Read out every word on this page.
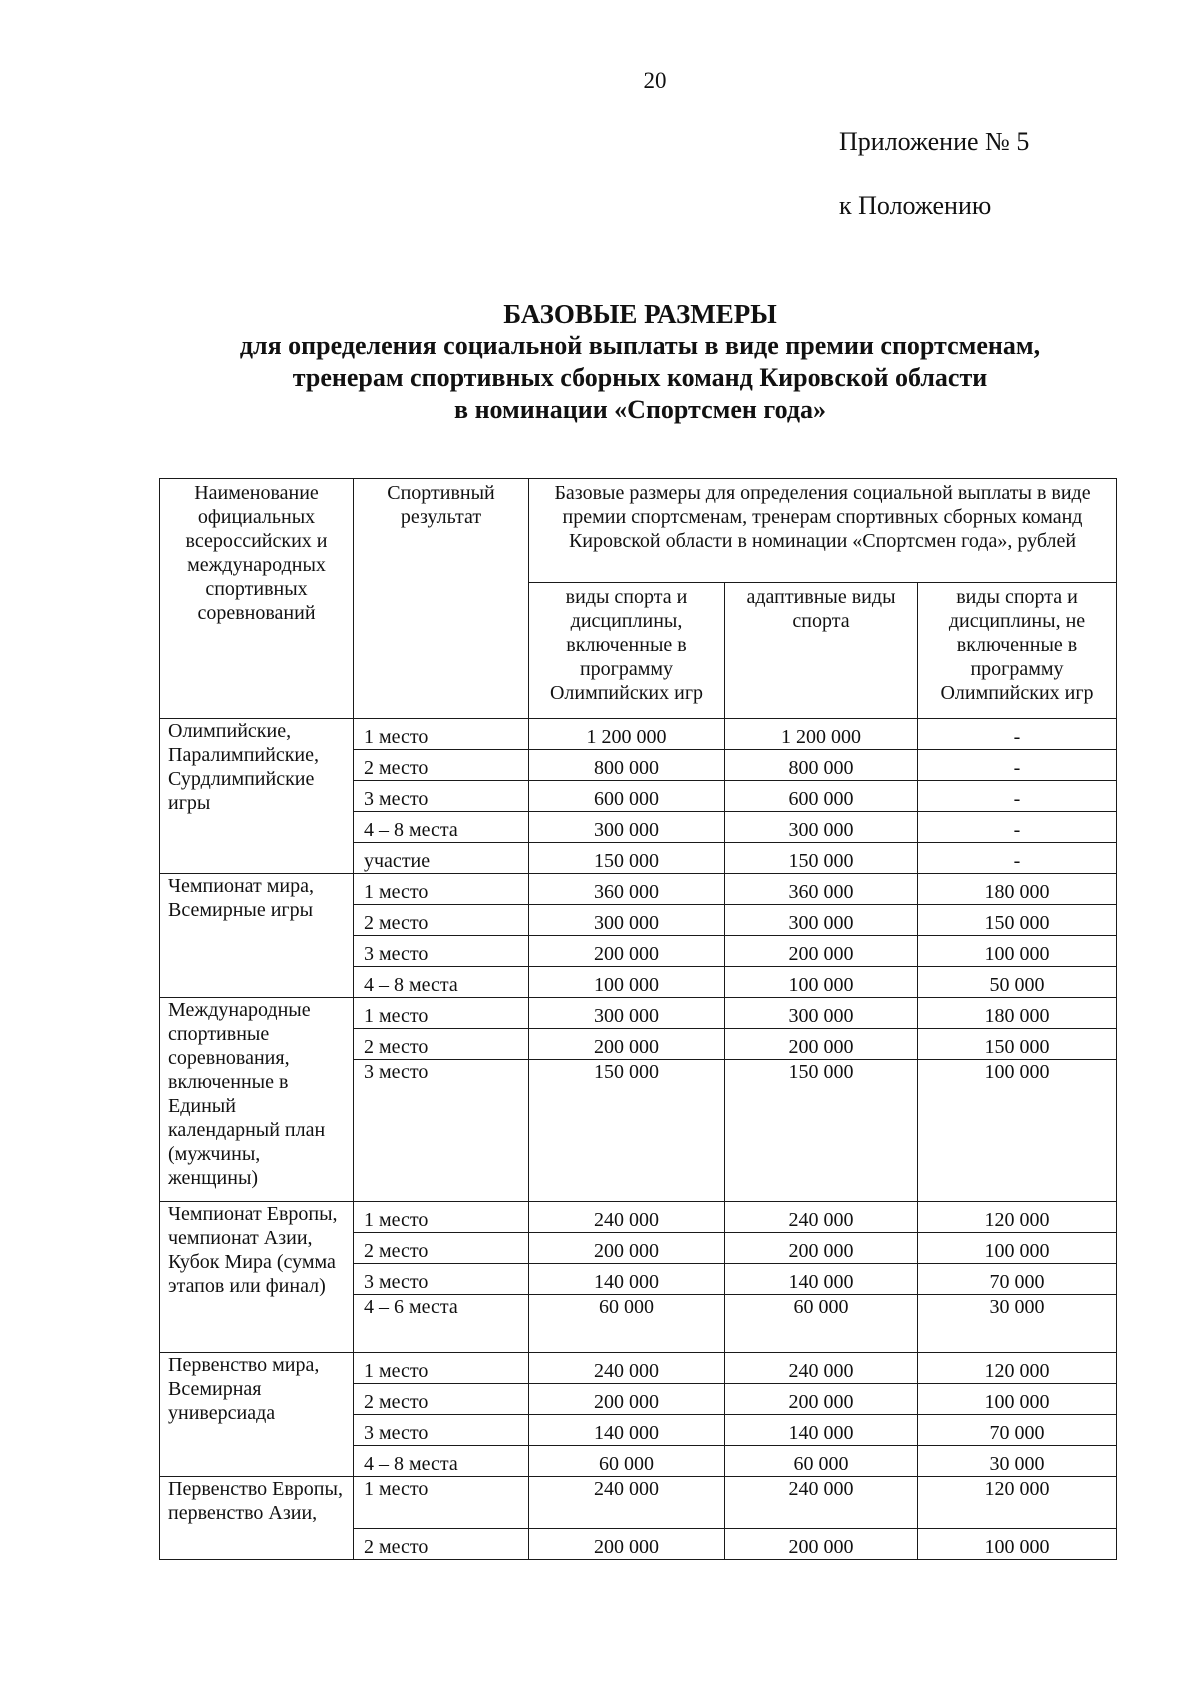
20
Приложение № 5
к Положению
БАЗОВЫЕ РАЗМЕРЫ
для определения социальной выплаты в виде премии спортсменам,
тренерам спортивных сборных команд Кировской области
в номинации «Спортсмен года»
Наименование официальных всероссийских и международных спортивных соревнований	Спортивный результат	Базовые размеры для определения социальной выплаты в виде премии спортсменам, тренерам спортивных сборных команд Кировской области в номинации «Спортсмен года», рублей		
		виды спорта и дисциплины, включенные в программу Олимпийских игр	адаптивные виды спорта	виды спорта и дисциплины, не включенные в программу Олимпийских игр
Олимпийские, Паралимпийские, Сурдлимпийские игры	1 место	1 200 000	1 200 000	-
	2 место	800 000	800 000	-
	3 место	600 000	600 000	-
	4 – 8 места	300 000	300 000	-
	участие	150 000	150 000	-
Чемпионат мира, Всемирные игры	1 место	360 000	360 000	180 000
	2 место	300 000	300 000	150 000
	3 место	200 000	200 000	100 000
	4 – 8 места	100 000	100 000	50 000
Международные спортивные соревнования, включенные в Единый календарный план (мужчины, женщины)	1 место	300 000	300 000	180 000
	2 место	200 000	200 000	150 000
	3 место	150 000	150 000	100 000
Чемпионат Европы, чемпионат Азии, Кубок Мира (сумма этапов или финал)	1 место	240 000	240 000	120 000
	2 место	200 000	200 000	100 000
	3 место	140 000	140 000	70 000
	4 – 6 места	60 000	60 000	30 000
Первенство мира, Всемирная универсиада	1 место	240 000	240 000	120 000
	2 место	200 000	200 000	100 000
	3 место	140 000	140 000	70 000
	4 – 8 места	60 000	60 000	30 000
Первенство Европы, первенство Азии,	1 место	240 000	240 000	120 000
	2 место	200 000	200 000	100 000
